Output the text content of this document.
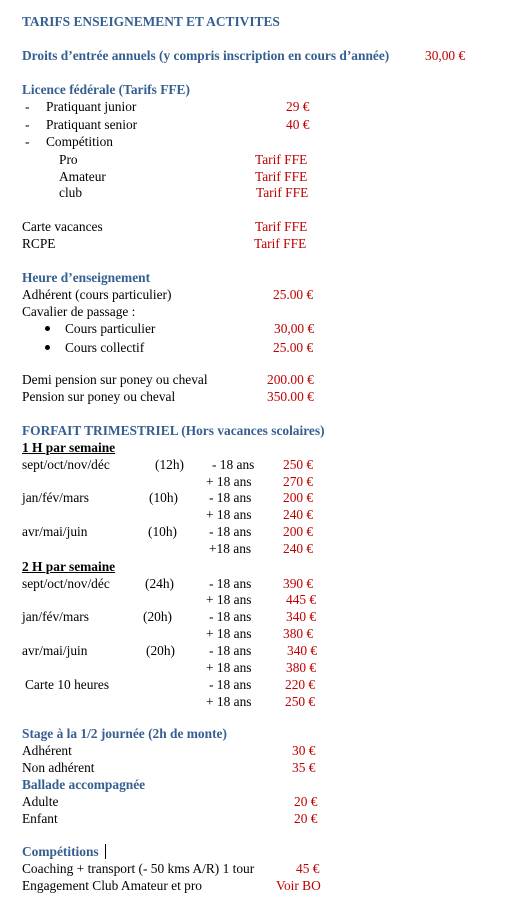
TARIFS ENSEIGNEMENT ET ACTIVITES
Droits d’entrée annuels (y compris inscription en cours d’année)	30,00 €
Licence fédérale (Tarifs FFE)
- Pratiquant junior	29 €
- Pratiquant senior	40 €
- Compétition
Pro	Tarif FFE
Amateur	Tarif FFE
club	Tarif FFE
Carte vacances	Tarif FFE
RCPE	Tarif FFE
Heure d’enseignement
Adhérent (cours particulier)	25.00 €
Cavalier de passage :
Cours particulier	30,00 €
Cours collectif	25.00 €
Demi pension sur poney ou cheval	200.00 €
Pension sur poney ou cheval	350.00 €
FORFAIT TRIMESTRIEL (Hors vacances scolaires)
1 H par semaine
sept/oct/nov/déc	(12h) - 18 ans 250 €
+ 18 ans 270 €
jan/fév/mars	(10h) - 18 ans 200 €
+ 18 ans 240 €
avr/mai/juin	(10h) - 18 ans 200 €
+18 ans 240 €
2 H par semaine
sept/oct/nov/déc	(24h)	- 18 ans 390 €
+ 18 ans	445 €
jan/fév/mars	(20h)	- 18 ans	340 €
+ 18 ans 380 €
avr/mai/juin	(20h)	- 18 ans	340 €
+ 18 ans	380 €
Carte 10 heures	- 18 ans	220 €
+ 18 ans	250 €
Stage à la 1/2 journée (2h de monte)
Adhérent	30 €
Non adhérent	35 €
Ballade accompagnée
Adulte	20 €
Enfant	20 €
Compétitions
Coaching + transport (- 50 kms A/R) 1 tour	45 €
Engagement Club Amateur et pro	Voir BO
